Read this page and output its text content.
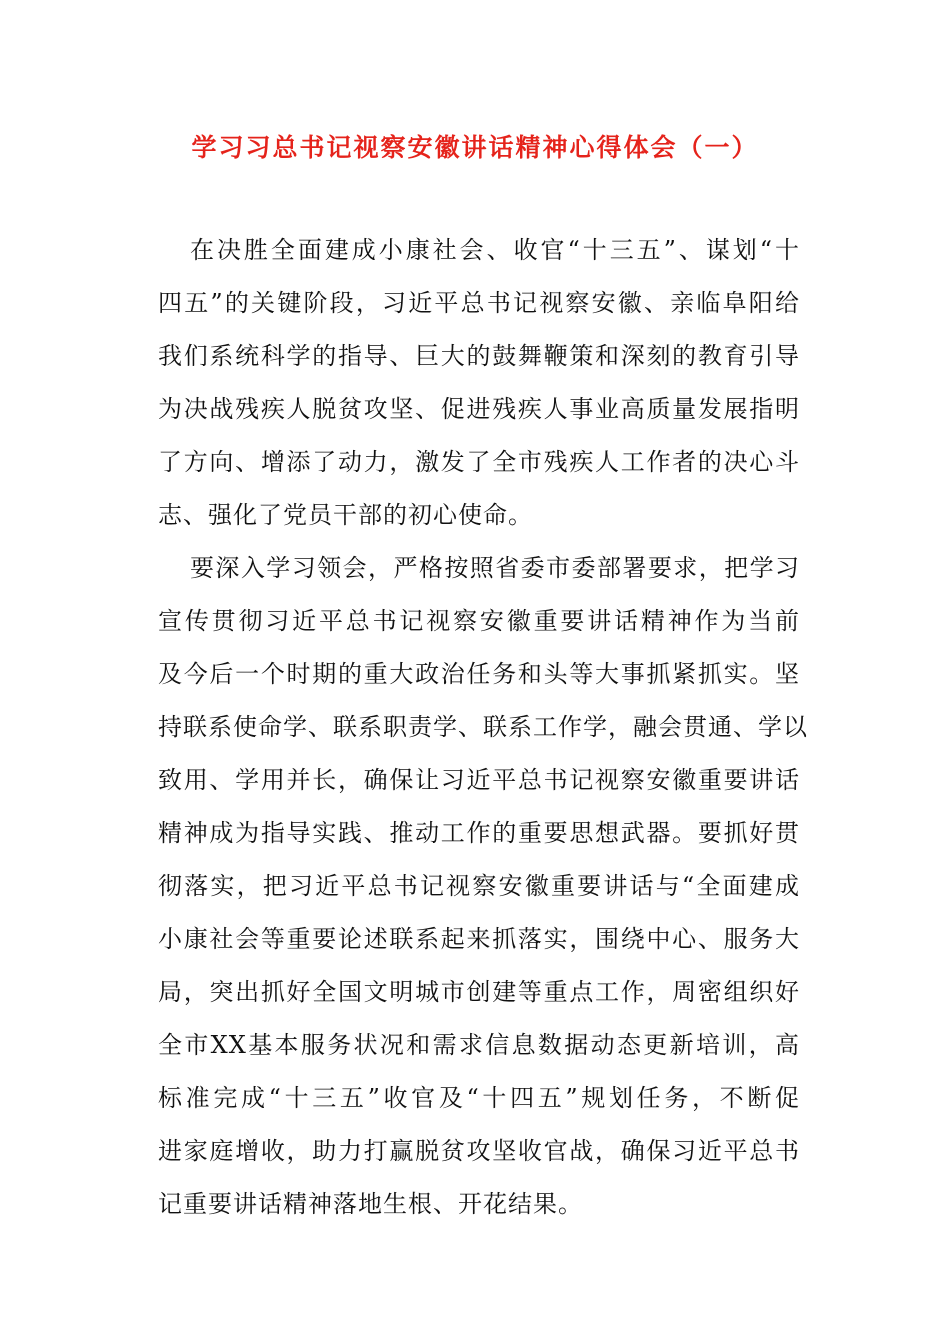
学习习总书记视察安徽讲话精神心得体会（一）
在决胜全面建成小康社会、收官“十三五”、谋划“十
四五”的关键阶段，习近平总书记视察安徽、亲临阜阳给
我们系统科学的指导、巨大的鼓舞鞭策和深刻的教育引导
为决战残疾人脱贫攻坚、促进残疾人事业高质量发展指明
了方向、增添了动力，激发了全市残疾人工作者的决心斗
志、强化了党员干部的初心使命。
要深入学习领会，严格按照省委市委部署要求，把学习
宣传贯彻习近平总书记视察安徽重要讲话精神作为当前
及今后一个时期的重大政治任务和头等大事抓紧抓实。坚
持联系使命学、联系职责学、联系工作学，融会贯通、学以
致用、学用并长，确保让习近平总书记视察安徽重要讲话
精神成为指导实践、推动工作的重要思想武器。要抓好贯
彻落实，把习近平总书记视察安徽重要讲话与“全面建成
小康社会等重要论述联系起来抓落实，围绕中心、服务大
局，突出抓好全国文明城市创建等重点工作，周密组织好
全市XX基本服务状况和需求信息数据动态更新培训，高
标准完成“十三五”收官及“十四五”规划任务，不断促
进家庭增收，助力打赢脱贫攻坚收官战，确保习近平总书
记重要讲话精神落地生根、开花结果。
